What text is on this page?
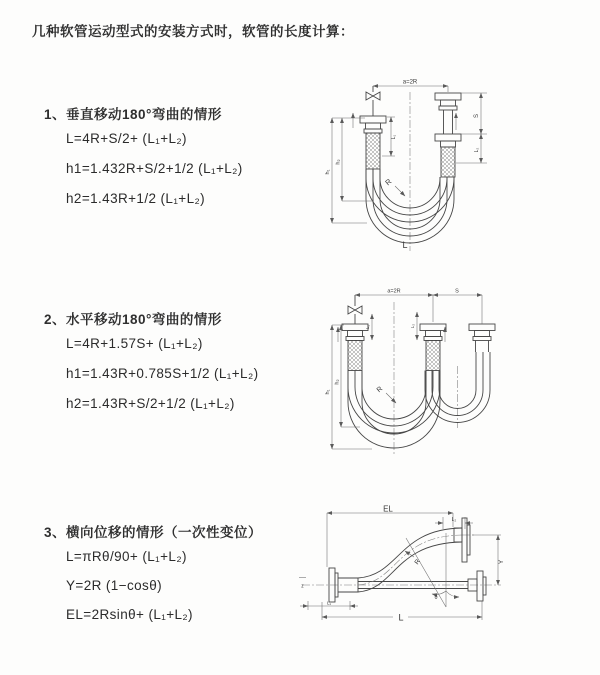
几种软管运动型式的安装方式时，软管的长度计算：
1、垂直移动180°弯曲的情形
L=4R+S/2+ (L₁+L₂)
h1=1.432R+S/2+1/2 (L₁+L₂)
h2=1.43R+1/2 (L₁+L₂)
2、水平移动180°弯曲的情形
L=4R+1.57S+ (L₁+L₂)
h1=1.43R+0.785S+1/2 (L₁+L₂)
h2=1.43R+S/2+1/2 (L₁+L₂)
3、横向位移的情形（一次性变位）
L=πRθ/90+ (L₁+L₂)
Y=2R (1−cosθ)
EL=2Rsinθ+ (L₁+L₂)
a=2R
S
L₂
L₁
h₁
h₂
R
L
a=2R	S
h₁
h₂
L₁	L₂
R
EL
L₂
Y
R
θ
L₁
L
z
